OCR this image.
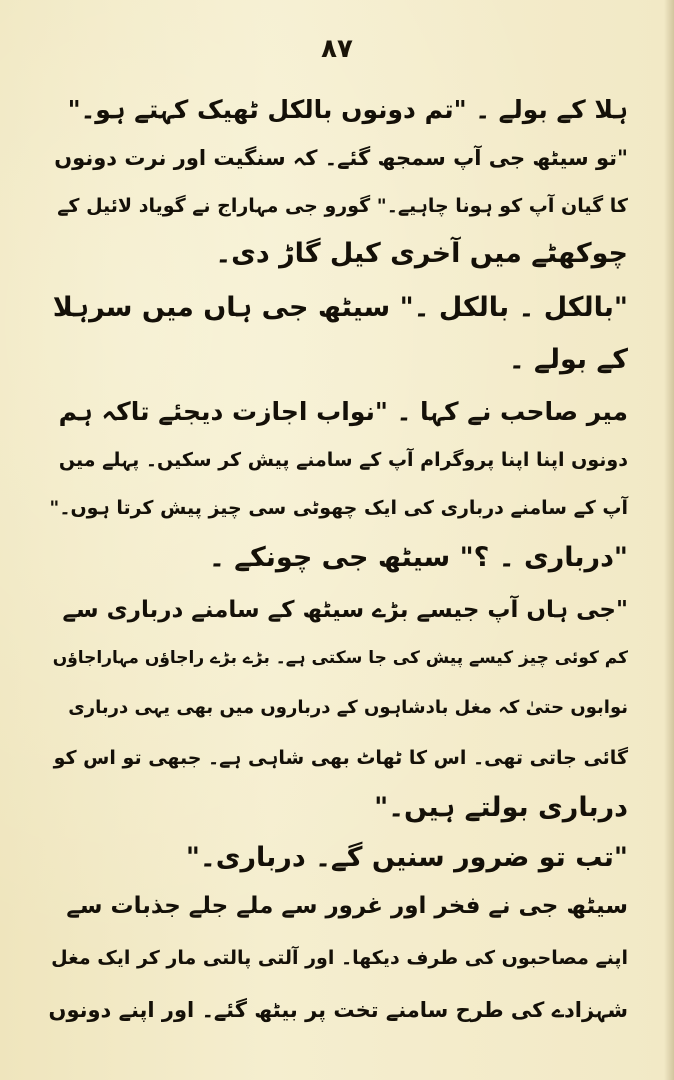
۸۷
ہلا کے بولے ۔ "تم دونوں بالکل ٹھیک کہتے ہو۔"
"تو سیٹھ جی آپ سمجھ گئے۔ کہ سنگیت اور نرت دونوں
کا گیان آپ کو ہونا چاہیے۔" گورو جی مہاراج نے گویاد لائیل کے
چوکھٹے میں آخری کیل گاڑ دی۔
"بالکل ۔ بالکل ۔" سیٹھ جی ہاں میں سرہلا
کے بولے ۔
میر صاحب نے کہا ۔ "نواب اجازت دیجئے تاکہ ہم
دونوں اپنا اپنا پروگرام آپ کے سامنے پیش کر سکیں۔ پہلے میں
آپ کے سامنے درباری کی ایک چھوٹی سی چیز پیش کرتا ہوں۔"
"درباری ۔ ؟" سیٹھ جی چونکے ۔
"جی ہاں آپ جیسے بڑے سیٹھ کے سامنے درباری سے
کم کوئی چیز کیسے پیش کی جا سکتی ہے۔ بڑے بڑے راجاؤں مہاراجاؤں
نوابوں حتیٰ کہ مغل بادشاہوں کے درباروں میں بھی یہی درباری
گائی جاتی تھی۔ اس کا ٹھاٹ بھی شاہی ہے۔ جبھی تو اس کو
درباری بولتے ہیں۔"
"تب تو ضرور سنیں گے۔ درباری۔"
سیٹھ جی نے فخر اور غرور سے ملے جلے جذبات سے
اپنے مصاحبوں کی طرف دیکھا۔ اور آلتی پالتی مار کر ایک مغل
شہزادے کی طرح سامنے تخت پر بیٹھ گئے۔ اور اپنے دونوں
